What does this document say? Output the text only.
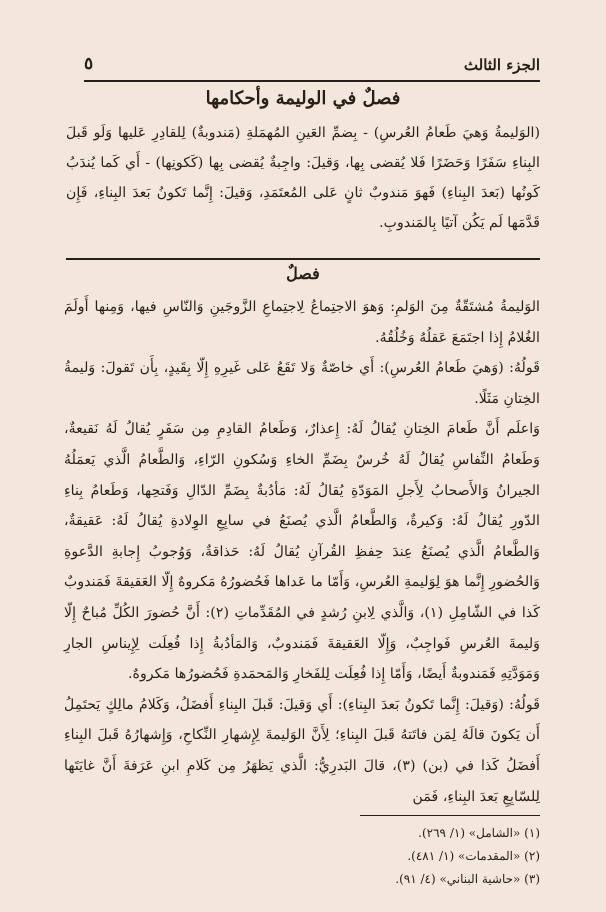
الجزء الثالث
٥
فصلٌ في الوليمة وأحكامها

(الوَليمةُ وَهيَ طَعامُ العُرسِ) - بِضمِّ العَينِ المُهمَلةِ (مَندوبةٌ) لِلقادِرِ عَليها وَلَو قَبلَ البِناءِ سَفَرًا وَحَضَرًا فَلا يُقضى بِها، وَقيلَ: واجِبةٌ يُقضى بِها (كَكونِها) - أَي كَما يُندَبُ كَونُها (بَعدَ البِناءِ) فَهوَ مَندوبٌ ثانٍ عَلى المُعتَمَدِ، وَقيلَ: إِنَّما تَكونُ بَعدَ البِناءِ، فَإِن قَدَّمَها لَم يَكُن آتيًا بِالمَندوبِ.

فصلٌ

الوَليمةُ مُشتَقّةٌ مِنَ الوَلمِ: وَهوَ الاجتِماعُ لِاجتِماعِ الزَّوجَينِ وَالنّاسِ فيها، وَمِنها أَولَمَ الغُلامُ إِذا اجتَمَعَ عَقلُهُ وَخُلُقُهُ.

قَولُهُ: (وَهيَ طَعامُ العُرسِ): أَي خاصّةٌ وَلا تَقَعُ عَلى غَيرِهِ إِلّا بِقَيدٍ، بِأَن تَقولَ: وَليمةُ الخِتانِ مَثَلًا.

وَاعلَم أَنَّ طَعامَ الخِتانِ يُقالُ لَهُ: إِعذارٌ، وَطَعامُ القادِمِ مِن سَفَرٍ يُقالُ لَهُ نَقيعةٌ، وَطَعامُ النِّفاسِ يُقالُ لَهُ خُرسٌ بِضَمِّ الخاءِ وَسُكونِ الرّاءِ، وَالطَّعامُ الَّذي يَعمَلُهُ الجيرانُ وَالأَصحابُ لِأَجلِ المَوَدّةِ يُقالُ لَهُ: مَأدُبةٌ بِضَمِّ الدّالِ وَفَتحِها، وَطَعامُ بِناءِ الدّورِ يُقالُ لَهُ: وَكيرةٌ، وَالطَّعامُ الَّذي يُصنَعُ في سابِعِ الوِلادةِ يُقالُ لَهُ: عَقيقةٌ، وَالطَّعامُ الَّذي يُصنَعُ عِندَ حِفظِ القُرآنِ يُقالُ لَهُ: حَذاقةٌ، وَوُجوبُ إِجابةِ الدَّعوةِ وَالحُضورِ إِنَّما هوَ لِوَليمةِ العُرسِ، وَأَمّا ما عَداها فَحُضورُهُ مَكروهٌ إِلّا العَقيقةَ فَمَندوبٌ كَذا في الشّامِلِ (١)، وَالَّذي لِابنِ رُشدٍ في المُقَدِّماتِ (٢): أَنَّ حُضورَ الكُلِّ مُباحٌ إِلّا وَليمةَ العُرسِ فَواجِبٌ، وَإِلّا العَقيقةَ فَمَندوبٌ، وَالمَأدُبةُ إِذا فُعِلَت لِإِيناسِ الجارِ وَمَوَدَّتِهِ فَمَندوبةٌ أَيضًا، وَأَمّا إِذا فُعِلَت لِلفَخارِ وَالمَحمَدةِ فَحُضورُها مَكروهٌ.

قَولُهُ: (وَقيلَ: إِنَّما تَكونُ بَعدَ البِناءِ): أَي وَقيلَ: قَبلَ البِناءِ أَفضَلُ، وَكَلامُ مالِكٍ يَحتَمِلُ أَن يَكونَ قالَهُ لِمَن فاتَتهُ قَبلَ البِناءِ؛ لِأَنَّ الوَليمةَ لِإِشهارِ النِّكاحِ، وَإِشهارُهُ قَبلَ البِناءِ أَفضَلُ كَذا في (بن) (٣)، قالَ البَدرِيُّ: الَّذي يَظهَرُ مِن كَلامِ ابنِ عَرَفةَ أَنَّ غايَتَها لِلسّابِعِ بَعدَ البِناءِ، فَمَن

(١) «الشامل» (١/ ٢٦٩).
(٢) «المقدمات» (١/ ٤٨١).
(٣) «حاشية البناني» (٤/ ٩١).
